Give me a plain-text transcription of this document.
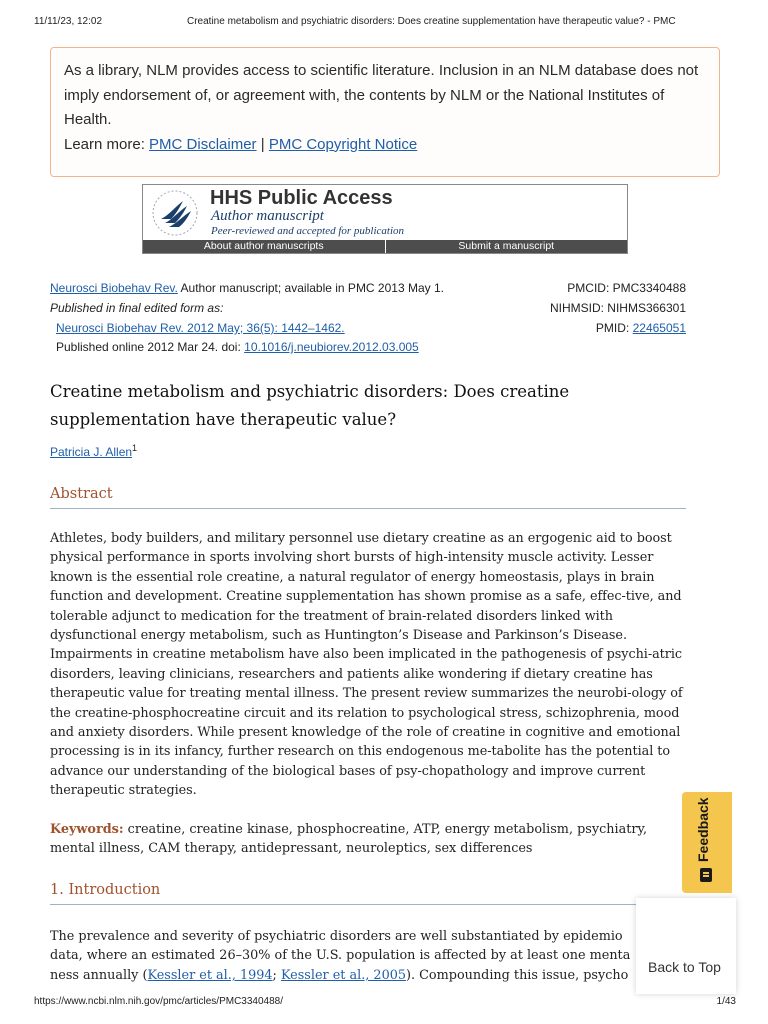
11/11/23, 12:02	Creatine metabolism and psychiatric disorders: Does creatine supplementation have therapeutic value? - PMC
As a library, NLM provides access to scientific literature. Inclusion in an NLM database does not imply endorsement of, or agreement with, the contents by NLM or the National Institutes of Health.
Learn more: PMC Disclaimer | PMC Copyright Notice
HHS Public Access
Author manuscript
Peer-reviewed and accepted for publication
About author manuscripts	Submit a manuscript
Neurosci Biobehav Rev. Author manuscript; available in PMC 2013 May 1.	PMCID: PMC3340488
Published in final edited form as:	NIHMSID: NIHMS366301
Neurosci Biobehav Rev. 2012 May; 36(5): 1442–1462.	PMID: 22465051
Published online 2012 Mar 24. doi: 10.1016/j.neubiorev.2012.03.005
Creatine metabolism and psychiatric disorders: Does creatine supplementation have therapeutic value?
Patricia J. Allen$^1$
Abstract
Athletes, body builders, and military personnel use dietary creatine as an ergogenic aid to boost physical performance in sports involving short bursts of high-intensity muscle activity. Lesser known is the essential role creatine, a natural regulator of energy homeostasis, plays in brain function and development. Creatine supplementation has shown promise as a safe, effec-tive, and tolerable adjunct to medication for the treatment of brain-related disorders linked with dysfunctional energy metabolism, such as Huntington’s Disease and Parkinson’s Disease. Impairments in creatine metabolism have also been implicated in the pathogenesis of psychi-atric disorders, leaving clinicians, researchers and patients alike wondering if dietary creatine has therapeutic value for treating mental illness. The present review summarizes the neurobi-ology of the creatine-phosphocreatine circuit and its relation to psychological stress, schizophrenia, mood and anxiety disorders. While present knowledge of the role of creatine in cognitive and emotional processing is in its infancy, further research on this endogenous me-tabolite has the potential to advance our understanding of the biological bases of psy-chopathology and improve current therapeutic strategies.
Keywords: creatine, creatine kinase, phosphocreatine, ATP, energy metabolism, psychiatry, mental illness, CAM therapy, antidepressant, neuroleptics, sex differences
1. Introduction
The prevalence and severity of psychiatric disorders are well substantiated by epidemio
data, where an estimated 26–30% of the U.S. population is affected by at least one menta
ness annually (Kessler et al., 1994; Kessler et al., 2005). Compounding this issue, psycho
Feedback
Back to Top
https://www.ncbi.nlm.nih.gov/pmc/articles/PMC3340488/	1/43
